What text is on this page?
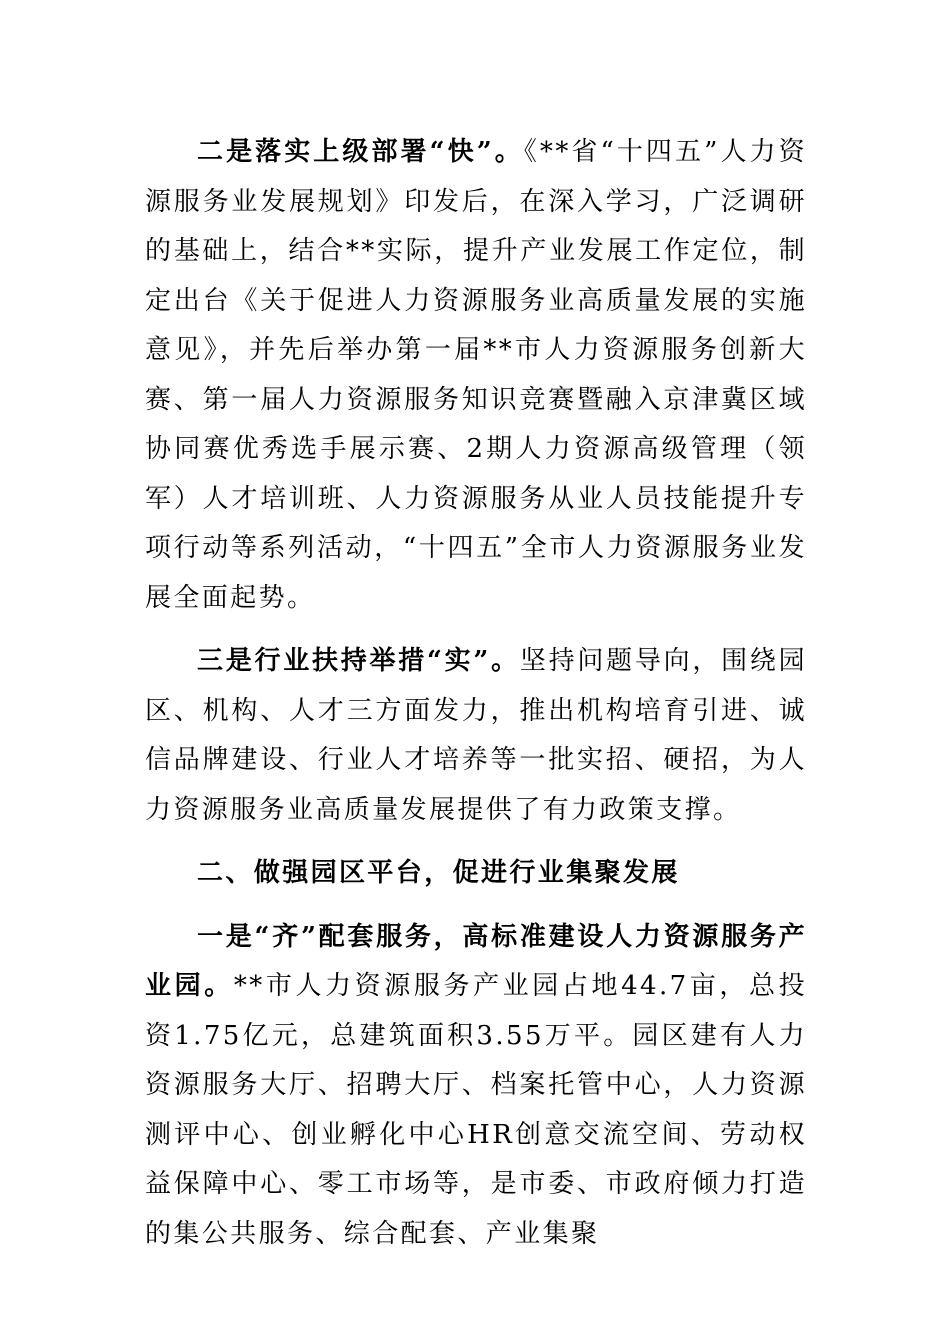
二是落实上级部署“快”。《**省“十四五”人力资源服务业发展规划》印发后，在深入学习，广泛调研的基础上，结合**实际，提升产业发展工作定位，制定出台《关于促进人力资源服务业高质量发展的实施意见》，并先后举办第一届**市人力资源服务创新大赛、第一届人力资源服务知识竞赛暨融入京津冀区域协同赛优秀选手展示赛、2期人力资源高级管理（领军）人才培训班、人力资源服务从业人员技能提升专项行动等系列活动，“十四五”全市人力资源服务业发展全面起势。

三是行业扶持举措“实”。坚持问题导向，围绕园区、机构、人才三方面发力，推出机构培育引进、诚信品牌建设、行业人才培养等一批实招、硬招，为人力资源服务业高质量发展提供了有力政策支撑。

二、做强园区平台，促进行业集聚发展

一是“齐”配套服务，高标准建设人力资源服务产业园。**市人力资源服务产业园占地44.7亩，总投资1.75亿元，总建筑面积3.55万平。园区建有人力资源服务大厅、招聘大厅、档案托管中心，人力资源测评中心、创业孵化中心HR创意交流空间、劳动权益保障中心、零工市场等，是市委、市政府倾力打造的集公共服务、综合配套、产业集聚
